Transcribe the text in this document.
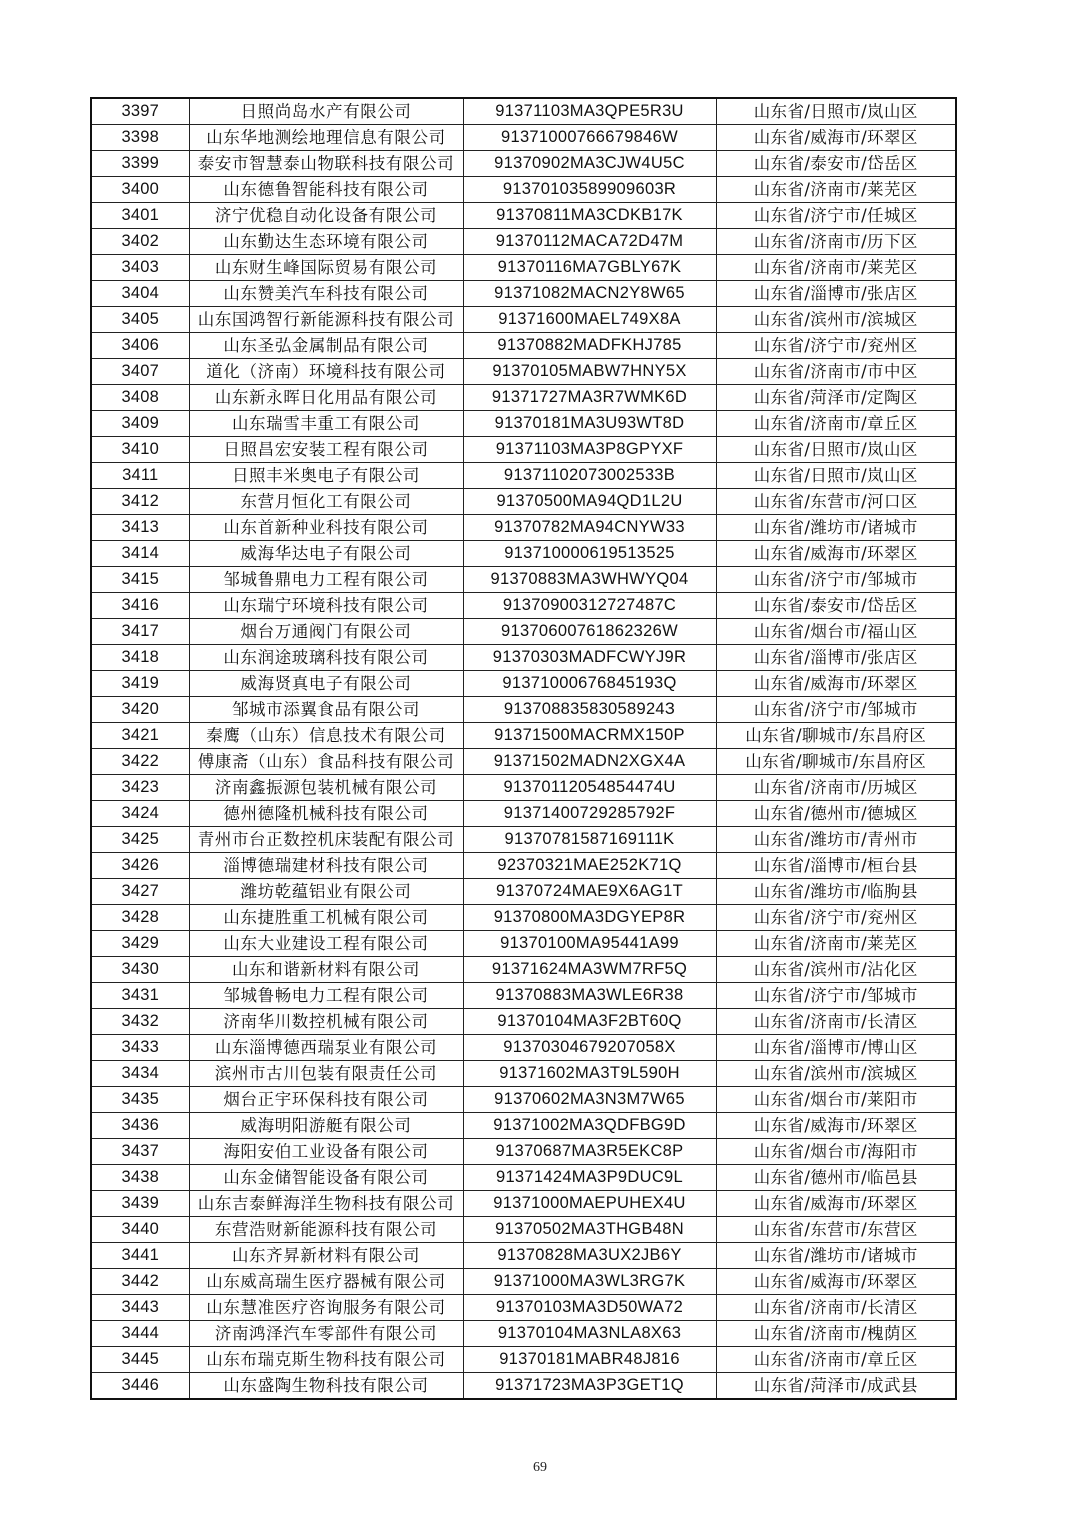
3397	日照尚岛水产有限公司	91371103MA3QPE5R3U	山东省/日照市/岚山区
3398	山东华地测绘地理信息有限公司	91371000766679846W	山东省/威海市/环翠区
3399	泰安市智慧泰山物联科技有限公司	91370902MA3CJW4U5C	山东省/泰安市/岱岳区
3400	山东德鲁智能科技有限公司	91370103589909603R	山东省/济南市/莱芜区
3401	济宁优稳自动化设备有限公司	91370811MA3CDKB17K	山东省/济宁市/任城区
3402	山东勤达生态环境有限公司	91370112MACA72D47M	山东省/济南市/历下区
3403	山东财生峰国际贸易有限公司	91370116MA7GBLY67K	山东省/济南市/莱芜区
3404	山东赞美汽车科技有限公司	91371082MACN2Y8W65	山东省/淄博市/张店区
3405	山东国鸿智行新能源科技有限公司	91371600MAEL749X8A	山东省/滨州市/滨城区
3406	山东圣弘金属制品有限公司	91370882MADFKHJ785	山东省/济宁市/兖州区
3407	道化（济南）环境科技有限公司	91370105MABW7HNY5X	山东省/济南市/市中区
3408	山东新永晖日化用品有限公司	91371727MA3R7WMK6D	山东省/菏泽市/定陶区
3409	山东瑞雪丰重工有限公司	91370181MA3U93WT8D	山东省/济南市/章丘区
3410	日照昌宏安装工程有限公司	91371103MA3P8GPYXF	山东省/日照市/岚山区
3411	日照丰米奥电子有限公司	91371102073002533B	山东省/日照市/岚山区
3412	东营月恒化工有限公司	91370500MA94QD1L2U	山东省/东营市/河口区
3413	山东首新种业科技有限公司	91370782MA94CNYW33	山东省/潍坊市/诸城市
3414	威海华达电子有限公司	913710000619513525	山东省/威海市/环翠区
3415	邹城鲁鼎电力工程有限公司	91370883MA3WHWYQ04	山东省/济宁市/邹城市
3416	山东瑞宁环境科技有限公司	91370900312727487C	山东省/泰安市/岱岳区
3417	烟台万通阀门有限公司	91370600761862326W	山东省/烟台市/福山区
3418	山东润途玻璃科技有限公司	91370303MADFCWYJ9R	山东省/淄博市/张店区
3419	威海贤真电子有限公司	91371000676845193Q	山东省/威海市/环翠区
3420	邹城市添翼食品有限公司	91370883583058924З	山东省/济宁市/邹城市
3421	秦鹰（山东）信息技术有限公司	91371500MACRMX150P	山东省/聊城市/东昌府区
3422	傅康斋（山东）食品科技有限公司	91371502MADN2XGX4A	山东省/聊城市/东昌府区
3423	济南鑫振源包装机械有限公司	91370112054854474U	山东省/济南市/历城区
3424	德州德隆机械科技有限公司	91371400729285792F	山东省/德州市/德城区
3425	青州市台正数控机床装配有限公司	91370781587169111K	山东省/潍坊市/青州市
3426	淄博德瑞建材科技有限公司	92370321MAE252K71Q	山东省/淄博市/桓台县
3427	潍坊乾蕴铝业有限公司	91370724MAE9X6AG1T	山东省/潍坊市/临朐县
3428	山东捷胜重工机械有限公司	91370800MA3DGYEP8R	山东省/济宁市/兖州区
3429	山东大业建设工程有限公司	91370100MA95441A99	山东省/济南市/莱芜区
3430	山东和谐新材料有限公司	91371624MA3WM7RF5Q	山东省/滨州市/沾化区
3431	邹城鲁畅电力工程有限公司	91370883MA3WLE6R38	山东省/济宁市/邹城市
3432	济南华川数控机械有限公司	91370104MA3F2BT60Q	山东省/济南市/长清区
3433	山东淄博德西瑞泵业有限公司	91370304679207058X	山东省/淄博市/博山区
3434	滨州市古川包装有限责任公司	91371602MA3T9L590H	山东省/滨州市/滨城区
3435	烟台正宇环保科技有限公司	91370602MA3N3M7W65	山东省/烟台市/莱阳市
3436	威海明阳游艇有限公司	91371002MA3QDFBG9D	山东省/威海市/环翠区
3437	海阳安伯工业设备有限公司	91370687MA3R5EKC8P	山东省/烟台市/海阳市
3438	山东金储智能设备有限公司	91371424MA3P9DUC9L	山东省/德州市/临邑县
3439	山东吉泰鲜海洋生物科技有限公司	91371000MAEPUHEX4U	山东省/威海市/环翠区
3440	东营浩财新能源科技有限公司	91370502MA3THGB48N	山东省/东营市/东营区
3441	山东齐昇新材料有限公司	91370828MA3UX2JB6Y	山东省/潍坊市/诸城市
3442	山东威高瑞生医疗器械有限公司	91371000MA3WL3RG7K	山东省/威海市/环翠区
3443	山东慧准医疗咨询服务有限公司	91370103MA3D50WA72	山东省/济南市/长清区
3444	济南鸿泽汽车零部件有限公司	91370104MA3NLA8X63	山东省/济南市/槐荫区
3445	山东布瑞克斯生物科技有限公司	91370181MABR48J816	山东省/济南市/章丘区
3446	山东盛陶生物科技有限公司	91371723MA3P3GET1Q	山东省/菏泽市/成武县
69
